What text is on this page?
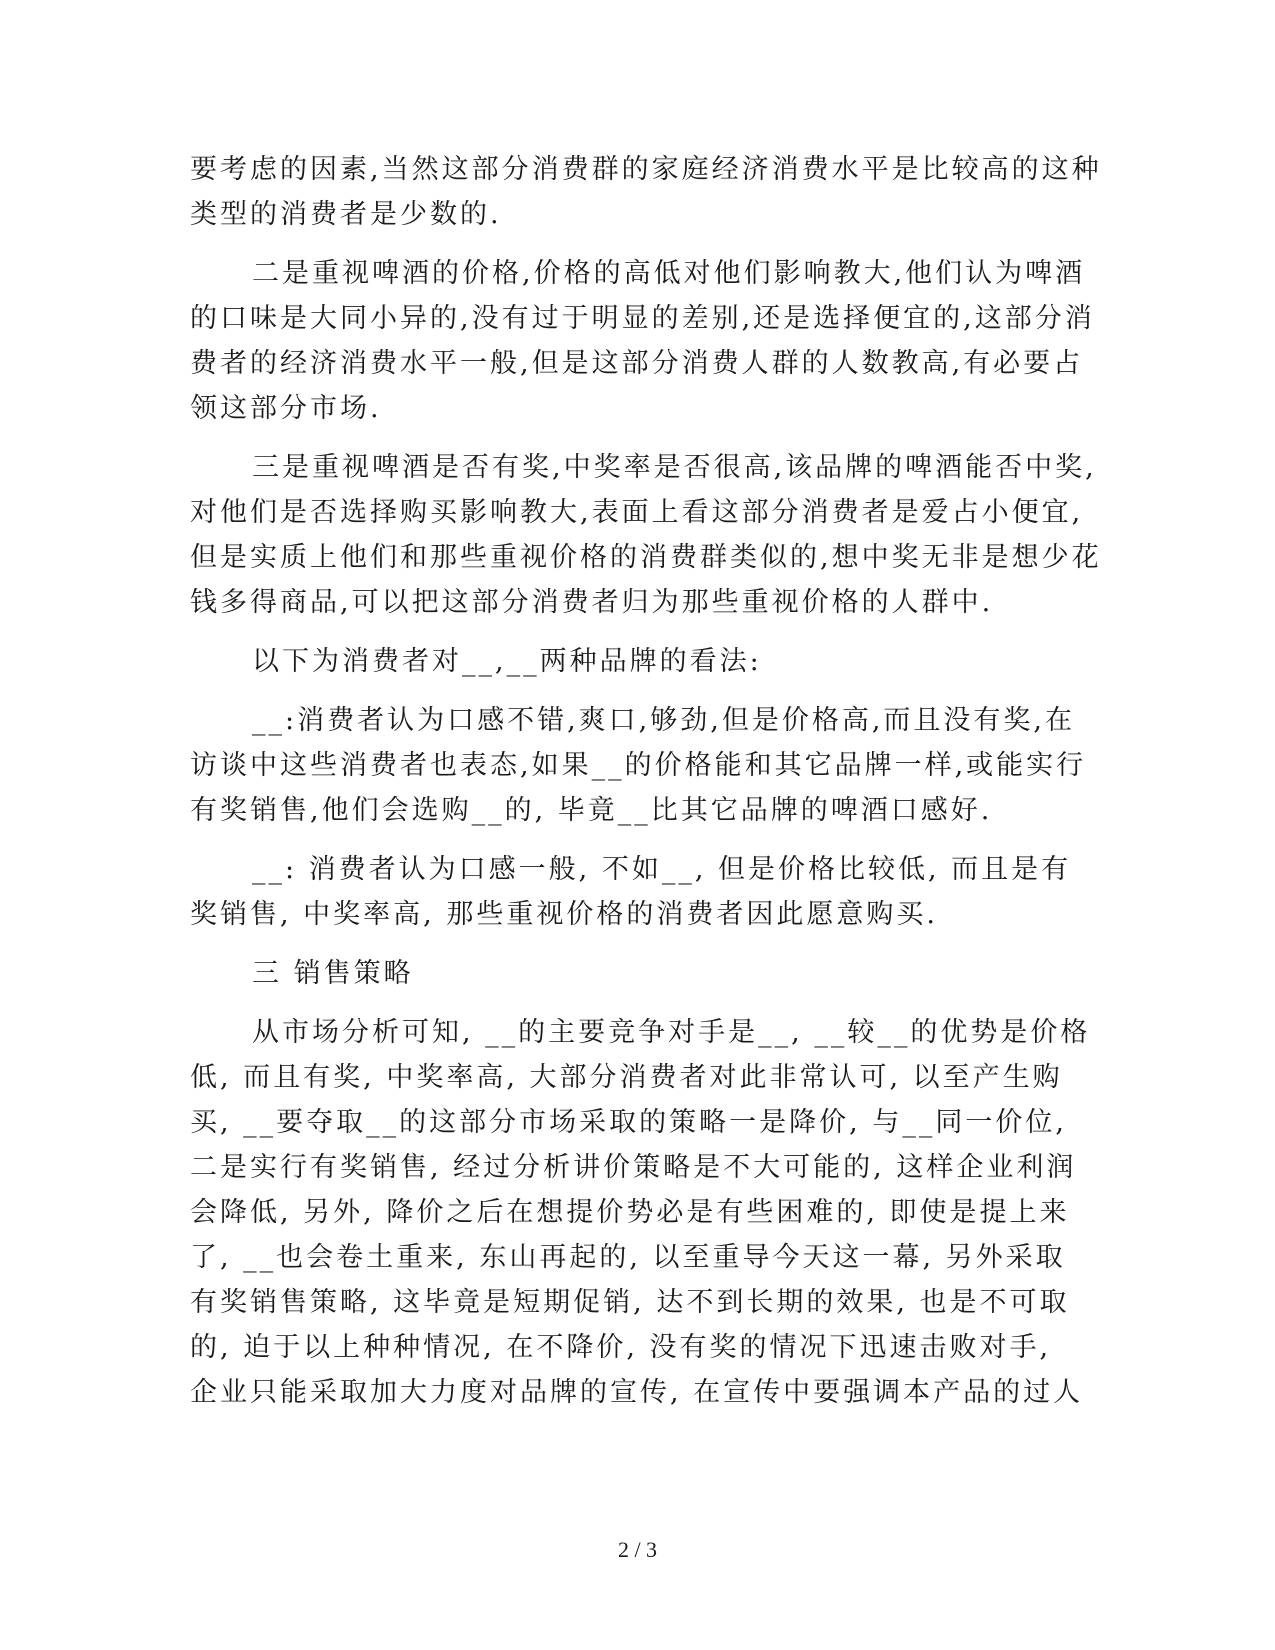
要考虑的因素,当然这部分消费群的家庭经济消费水平是比较高的这种
类型的消费者是少数的.
二是重视啤酒的价格,价格的高低对他们影响教大,他们认为啤酒
的口味是大同小异的,没有过于明显的差别,还是选择便宜的,这部分消
费者的经济消费水平一般,但是这部分消费人群的人数教高,有必要占
领这部分市场.
三是重视啤酒是否有奖,中奖率是否很高,该品牌的啤酒能否中奖,
对他们是否选择购买影响教大,表面上看这部分消费者是爱占小便宜,
但是实质上他们和那些重视价格的消费群类似的,想中奖无非是想少花
钱多得商品,可以把这部分消费者归为那些重视价格的人群中.
以下为消费者对__,__两种品牌的看法:
__:消费者认为口感不错,爽口,够劲,但是价格高,而且没有奖,在
访谈中这些消费者也表态,如果__的价格能和其它品牌一样,或能实行
有奖销售,他们会选购__的, 毕竟__比其它品牌的啤酒口感好.
__: 消费者认为口感一般, 不如__, 但是价格比较低, 而且是有
奖销售, 中奖率高, 那些重视价格的消费者因此愿意购买.
三 销售策略
从市场分析可知, __的主要竞争对手是__, __较__的优势是价格
低, 而且有奖, 中奖率高, 大部分消费者对此非常认可, 以至产生购
买, __要夺取__的这部分市场采取的策略一是降价, 与__同一价位,
二是实行有奖销售, 经过分析讲价策略是不大可能的, 这样企业利润
会降低, 另外, 降价之后在想提价势必是有些困难的, 即使是提上来
了, __也会卷土重来, 东山再起的, 以至重导今天这一幕, 另外采取
有奖销售策略, 这毕竟是短期促销, 达不到长期的效果, 也是不可取
的, 迫于以上种种情况, 在不降价, 没有奖的情况下迅速击败对手,
企业只能采取加大力度对品牌的宣传, 在宣传中要强调本产品的过人
2 / 3
